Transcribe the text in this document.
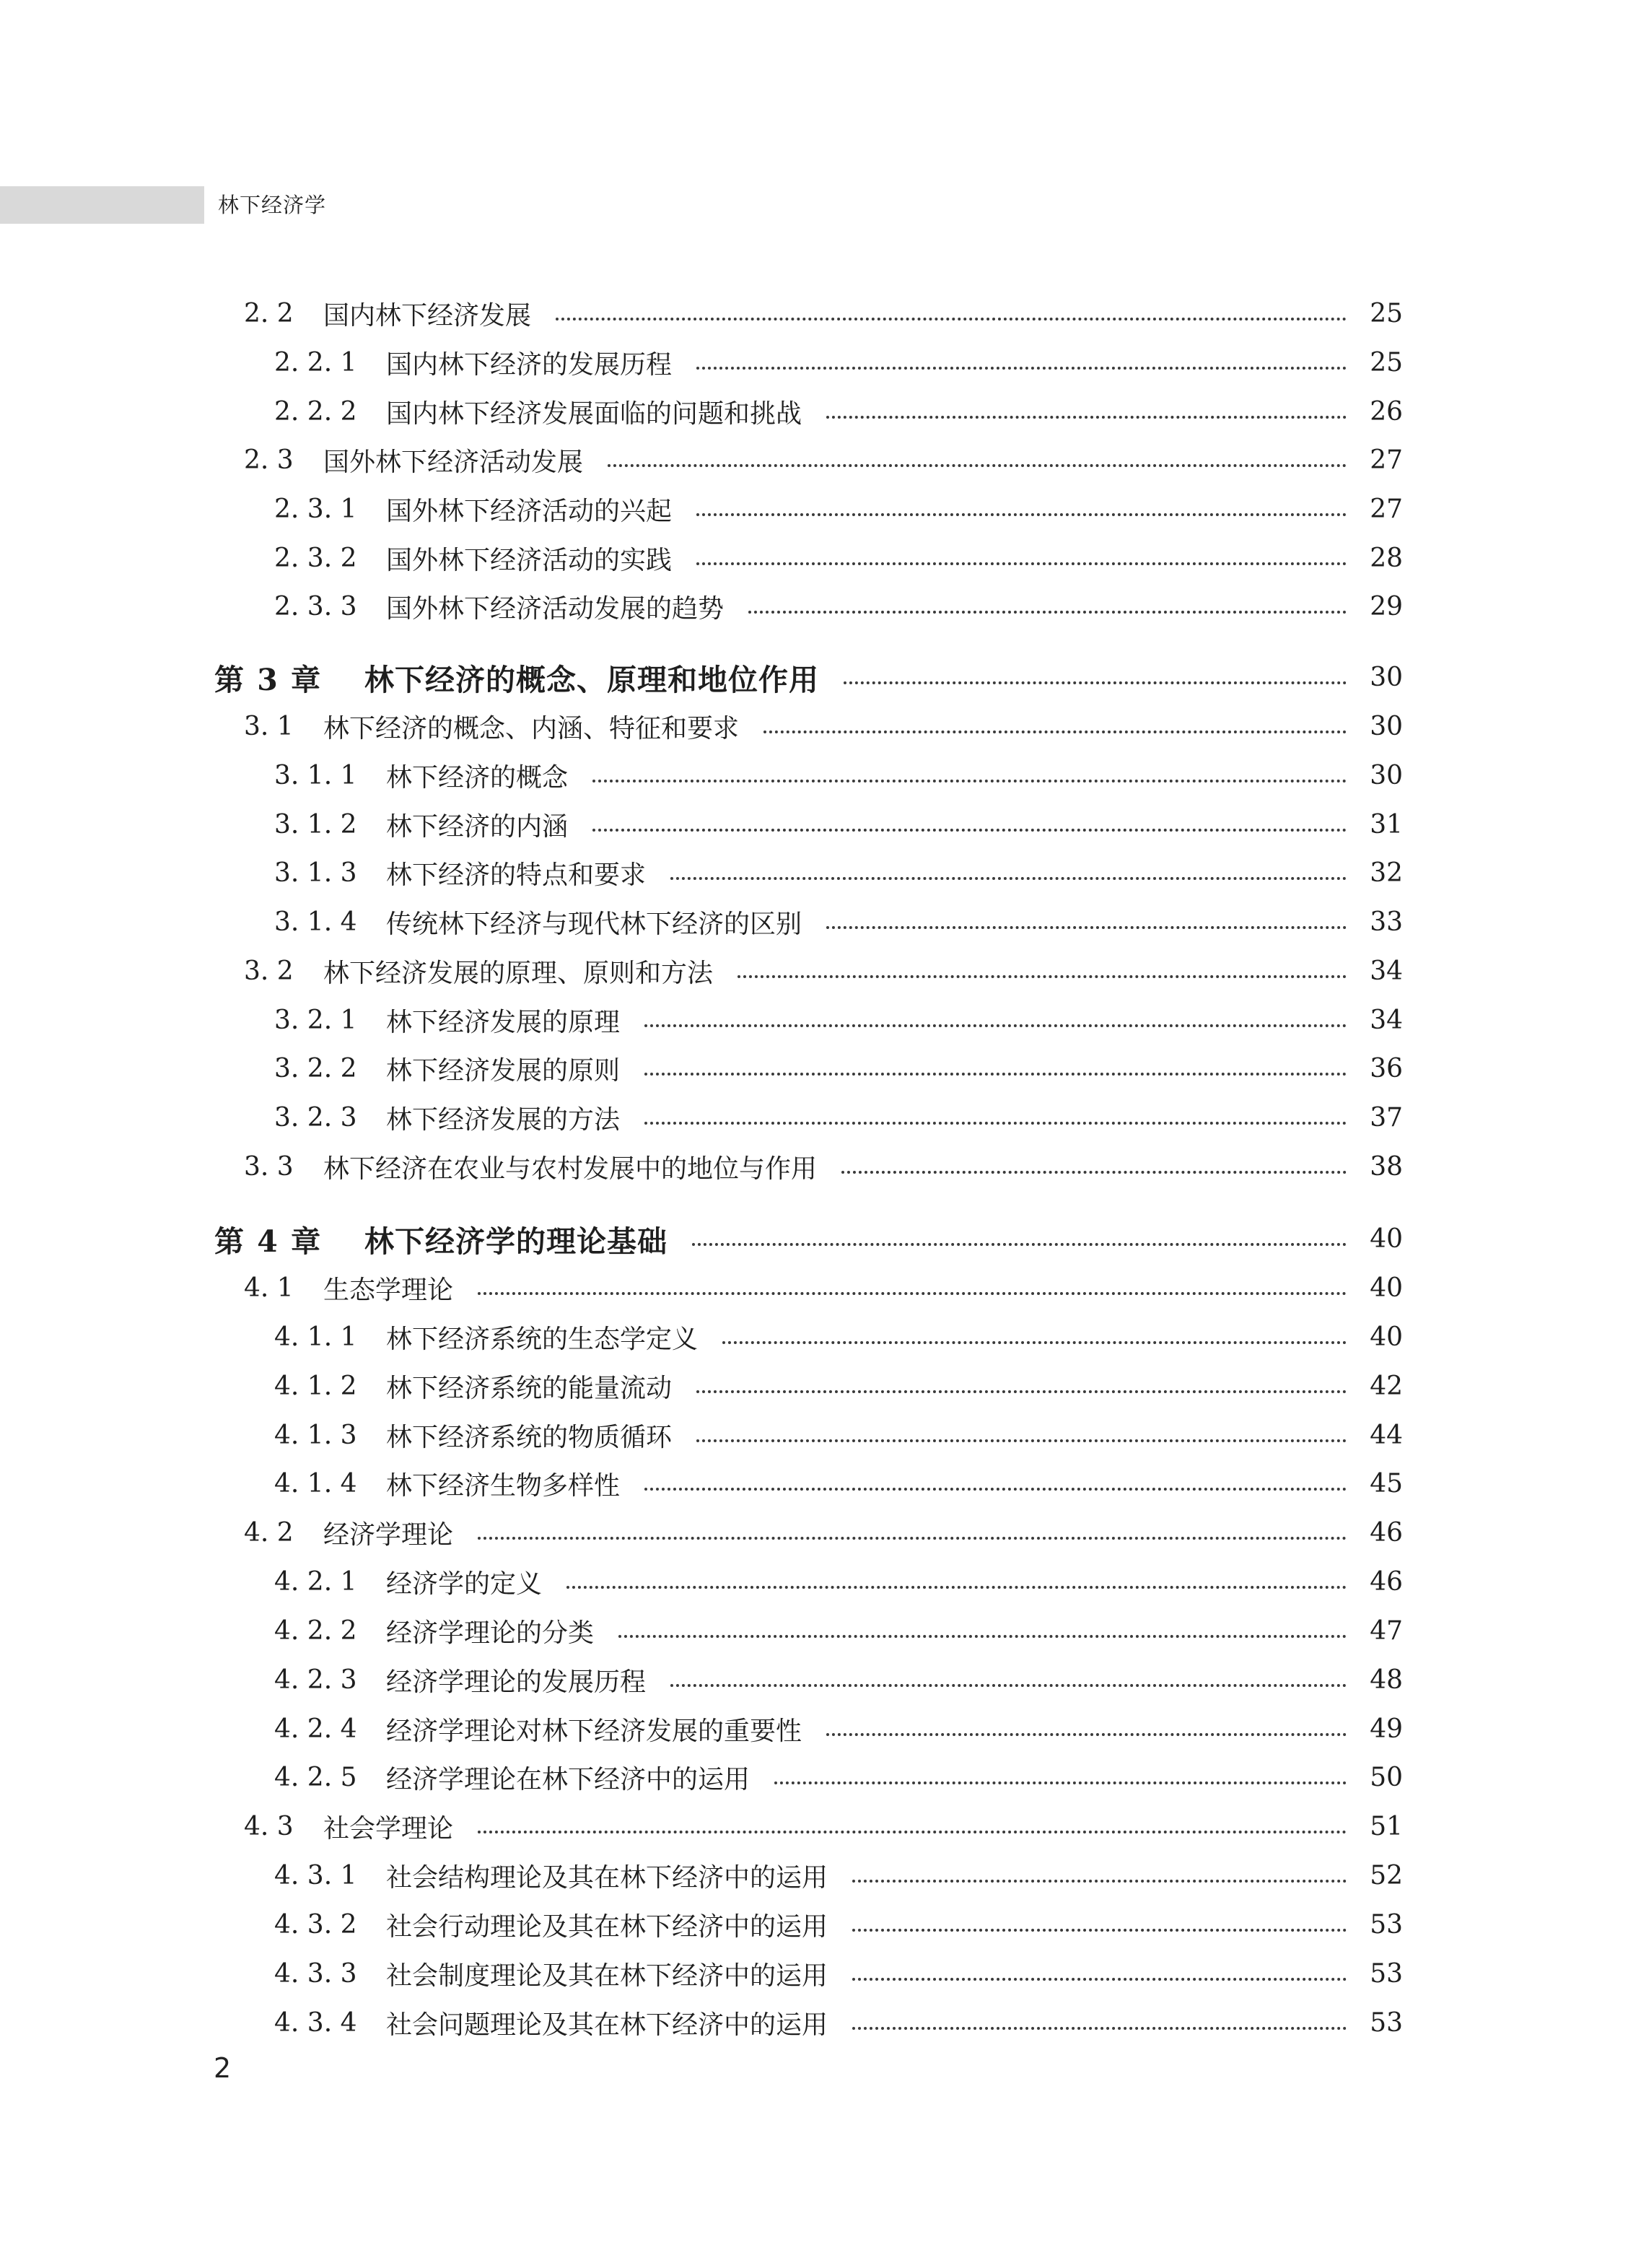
林下经济学
2. 2 国内林下经济发展	25
2. 2. 1 国内林下经济的发展历程	25
2. 2. 2 国内林下经济发展面临的问题和挑战	26
2. 3 国外林下经济活动发展	27
2. 3. 1 国外林下经济活动的兴起	27
2. 3. 2 国外林下经济活动的实践	28
2. 3. 3 国外林下经济活动发展的趋势	29
第 3 章 林下经济的概念、原理和地位作用	30
3. 1 林下经济的概念、内涵、特征和要求	30
3. 1. 1 林下经济的概念	30
3. 1. 2 林下经济的内涵	31
3. 1. 3 林下经济的特点和要求	32
3. 1. 4 传统林下经济与现代林下经济的区别	33
3. 2 林下经济发展的原理、原则和方法	34
3. 2. 1 林下经济发展的原理	34
3. 2. 2 林下经济发展的原则	36
3. 2. 3 林下经济发展的方法	37
3. 3 林下经济在农业与农村发展中的地位与作用	38
第 4 章 林下经济学的理论基础	40
4. 1 生态学理论	40
4. 1. 1 林下经济系统的生态学定义	40
4. 1. 2 林下经济系统的能量流动	42
4. 1. 3 林下经济系统的物质循环	44
4. 1. 4 林下经济生物多样性	45
4. 2 经济学理论	46
4. 2. 1 经济学的定义	46
4. 2. 2 经济学理论的分类	47
4. 2. 3 经济学理论的发展历程	48
4. 2. 4 经济学理论对林下经济发展的重要性	49
4. 2. 5 经济学理论在林下经济中的运用	50
4. 3 社会学理论	51
4. 3. 1 社会结构理论及其在林下经济中的运用	52
4. 3. 2 社会行动理论及其在林下经济中的运用	53
4. 3. 3 社会制度理论及其在林下经济中的运用	53
4. 3. 4 社会问题理论及其在林下经济中的运用	53
2
